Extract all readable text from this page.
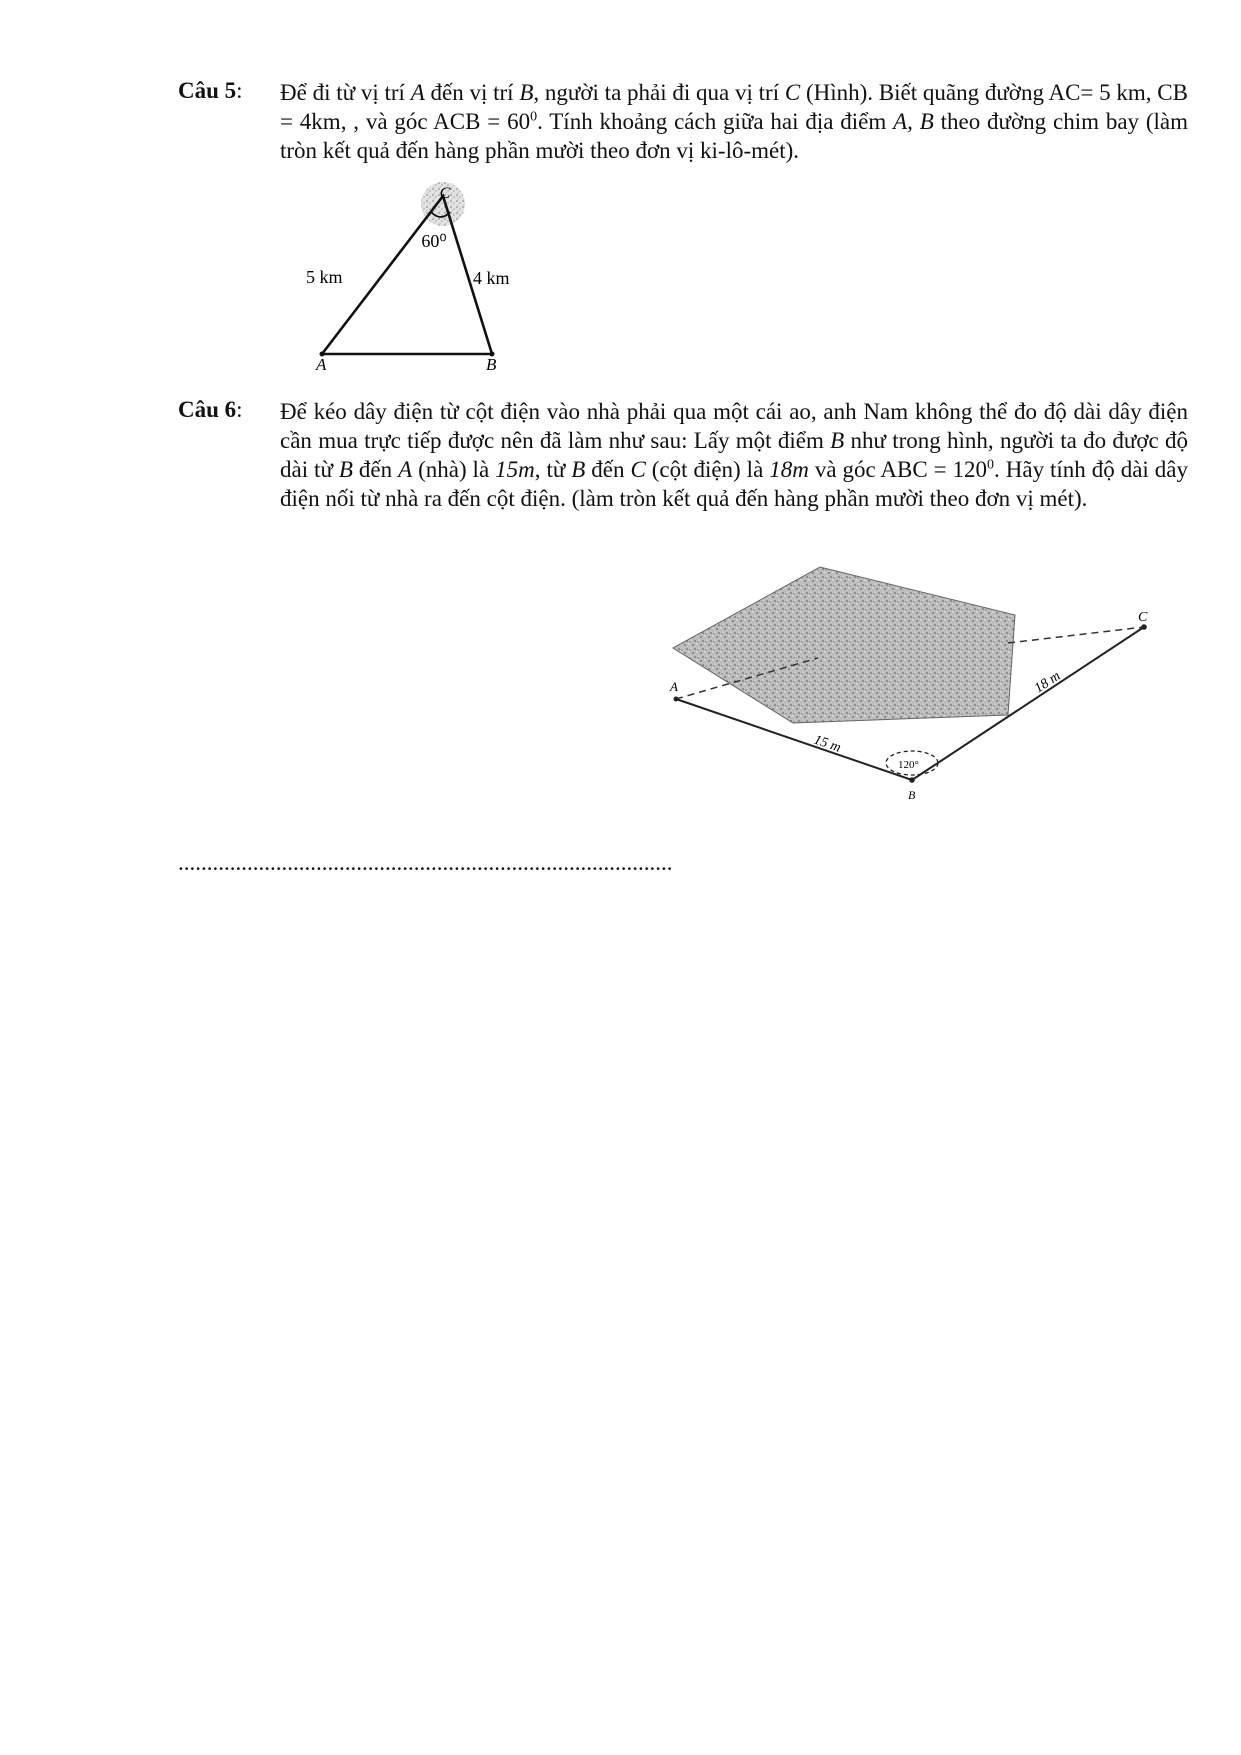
Câu 5: Để đi từ vị trí A đến vị trí B, người ta phải đi qua vị trí C (Hình). Biết quãng đường AC= 5 km, CB = 4km, , và góc ACB = $60^0$. Tính khoảng cách giữa hai địa điểm A, B theo đường chim bay (làm tròn kết quả đến hàng phần mười theo đơn vị ki-lô-mét).

C
60⁰
5 km	4 km
A	B
Câu 6: Để kéo dây điện từ cột điện vào nhà phải qua một cái ao, anh Nam không thể đo độ dài dây điện cần mua trực tiếp được nên đã làm như sau: Lấy một điểm B như trong hình, người ta đo được độ dài từ B đến A (nhà) là 15m, từ B đến C (cột điện) là 18m và góc ABC = $120^0$. Hãy tính độ dài dây điện nối từ nhà ra đến cột điện. (làm tròn kết quả đến hàng phần mười theo đơn vị mét).

A
C
B
120°
15 m
18 m
......................................................................................
